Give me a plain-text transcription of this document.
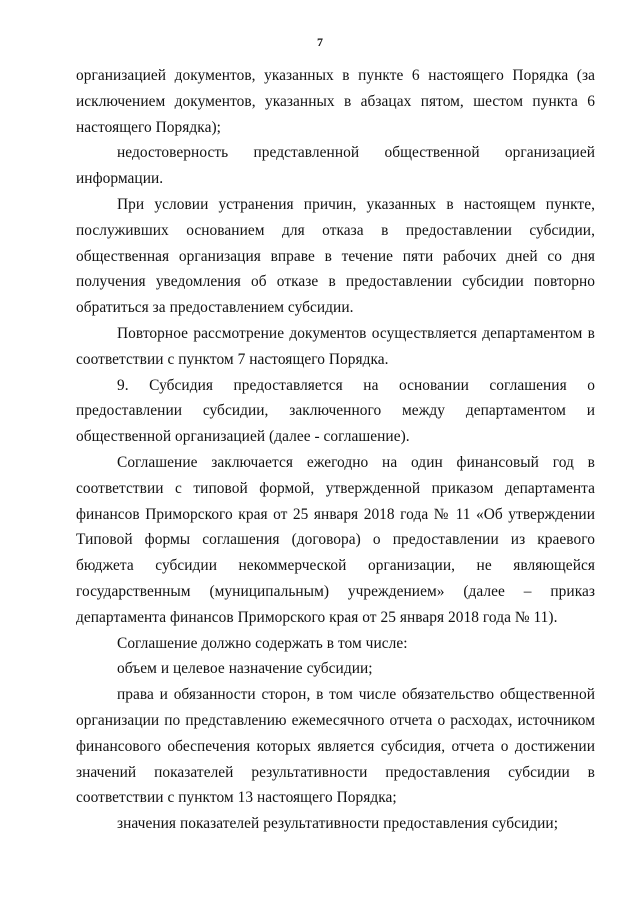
7

организацией документов, указанных в пункте 6 настоящего Порядка (за исключением документов, указанных в абзацах пятом, шестом пункта 6 настоящего Порядка);

недостоверность представленной общественной организацией информации.

При условии устранения причин, указанных в настоящем пункте, послуживших основанием для отказа в предоставлении субсидии, общественная организация вправе в течение пяти рабочих дней со дня получения уведомления об отказе в предоставлении субсидии повторно обратиться за предоставлением субсидии.

Повторное рассмотрение документов осуществляется департаментом в соответствии с пунктом 7 настоящего Порядка.

9. Субсидия предоставляется на основании соглашения о предоставлении субсидии, заключенного между департаментом и общественной организацией (далее - соглашение).

Соглашение заключается ежегодно на один финансовый год в соответствии с типовой формой, утвержденной приказом департамента финансов Приморского края от 25 января 2018 года № 11 «Об утверждении Типовой формы соглашения (договора) о предоставлении из краевого бюджета субсидии некоммерческой организации, не являющейся государственным (муниципальным) учреждением» (далее – приказ департамента финансов Приморского края от 25 января 2018 года № 11).

Соглашение должно содержать в том числе:

объем и целевое назначение субсидии;

права и обязанности сторон, в том числе обязательство общественной организации по представлению ежемесячного отчета о расходах, источником финансового обеспечения которых является субсидия, отчета о достижении значений показателей результативности предоставления субсидии в соответствии с пунктом 13 настоящего Порядка;

значения показателей результативности предоставления субсидии;
